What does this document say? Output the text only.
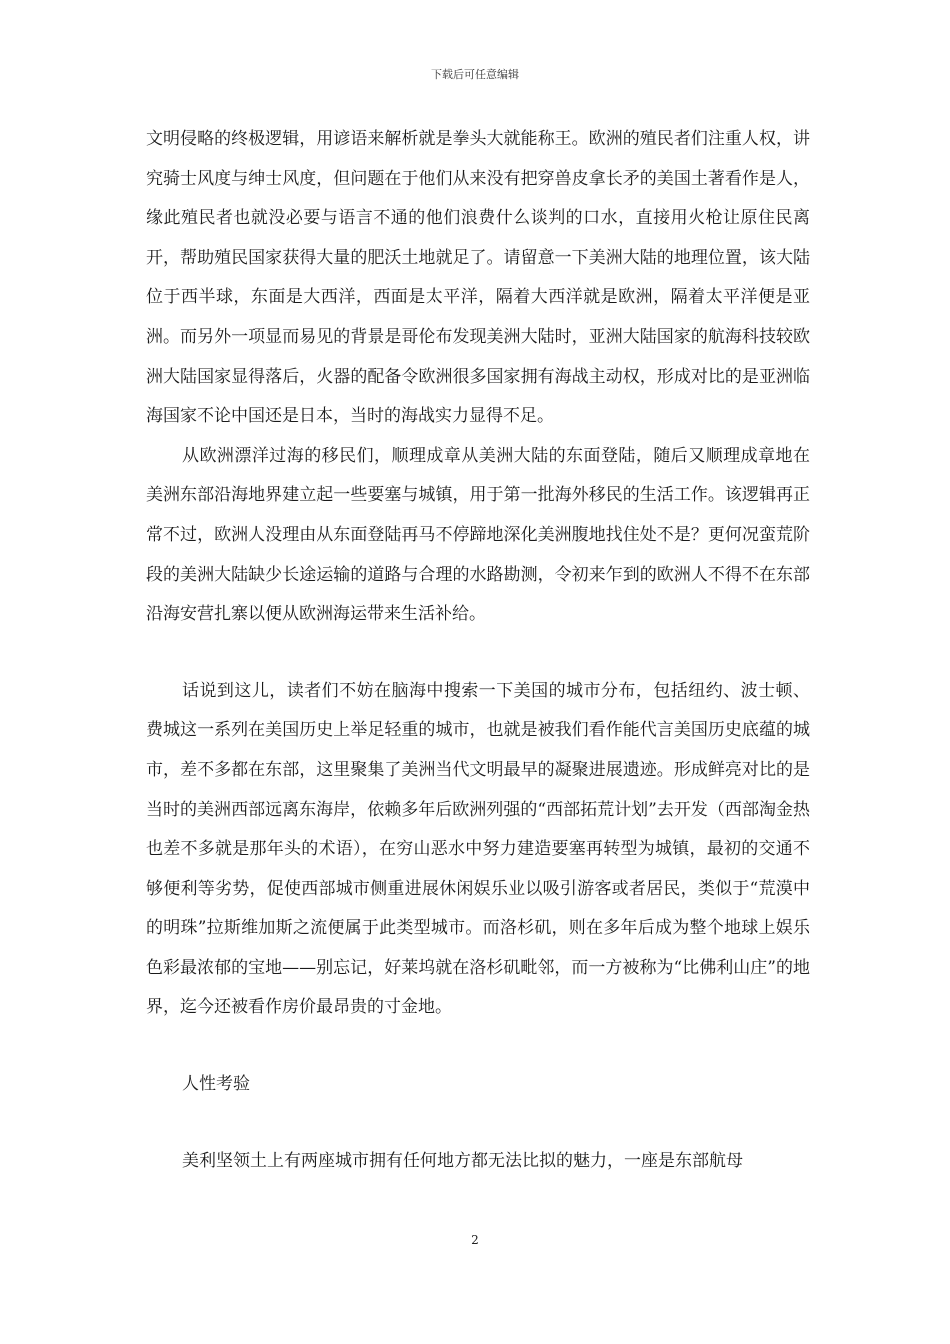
下载后可任意编辑

文明侵略的终极逻辑，用谚语来解析就是拳头大就能称王。欧洲的殖民者们注重人权，讲究骑士风度与绅士风度，但问题在于他们从来没有把穿兽皮拿长矛的美国土著看作是人，缘此殖民者也就没必要与语言不通的他们浪费什么谈判的口水，直接用火枪让原住民离开，帮助殖民国家获得大量的肥沃土地就足了。请留意一下美洲大陆的地理位置，该大陆位于西半球，东面是大西洋，西面是太平洋，隔着大西洋就是欧洲，隔着太平洋便是亚洲。而另外一项显而易见的背景是哥伦布发现美洲大陆时，亚洲大陆国家的航海科技较欧洲大陆国家显得落后，火器的配备令欧洲很多国家拥有海战主动权，形成对比的是亚洲临海国家不论中国还是日本，当时的海战实力显得不足。

从欧洲漂洋过海的移民们，顺理成章从美洲大陆的东面登陆，随后又顺理成章地在美洲东部沿海地界建立起一些要塞与城镇，用于第一批海外移民的生活工作。该逻辑再正常不过，欧洲人没理由从东面登陆再马不停蹄地深化美洲腹地找住处不是？更何况蛮荒阶段的美洲大陆缺少长途运输的道路与合理的水路勘测，令初来乍到的欧洲人不得不在东部沿海安营扎寨以便从欧洲海运带来生活补给。

话说到这儿，读者们不妨在脑海中搜索一下美国的城市分布，包括纽约、波士顿、费城这一系列在美国历史上举足轻重的城市，也就是被我们看作能代言美国历史底蕴的城市，差不多都在东部，这里聚集了美洲当代文明最早的凝聚进展遗迹。形成鲜亮对比的是当时的美洲西部远离东海岸，依赖多年后欧洲列强的“西部拓荒计划”去开发（西部淘金热也差不多就是那年头的术语），在穷山恶水中努力建造要塞再转型为城镇，最初的交通不够便利等劣势，促使西部城市侧重进展休闲娱乐业以吸引游客或者居民，类似于“荒漠中的明珠”拉斯维加斯之流便属于此类型城市。而洛杉矶，则在多年后成为整个地球上娱乐色彩最浓郁的宝地——别忘记，好莱坞就在洛杉矶毗邻，而一方被称为“比佛利山庄”的地界，迄今还被看作房价最昂贵的寸金地。

人性考验

美利坚领土上有两座城市拥有任何地方都无法比拟的魅力，一座是东部航母

2
